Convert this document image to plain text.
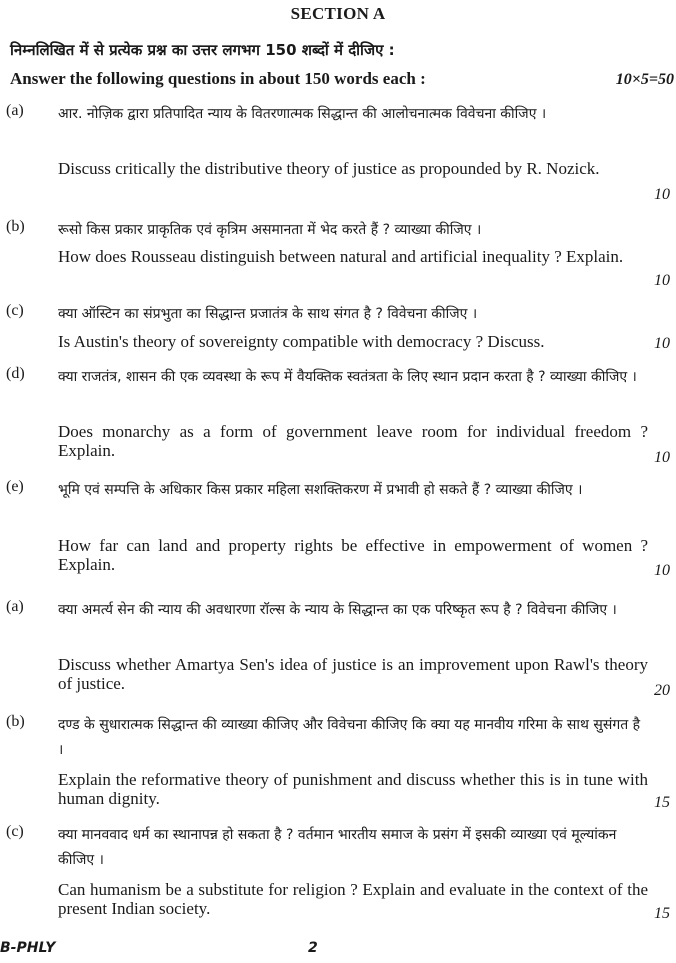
SECTION A
निम्नलिखित में से प्रत्येक प्रश्न का उत्तर लगभग 150 शब्दों में दीजिए :
Answer the following questions in about 150 words each :	10×5=50
(a) आर. नोज़िक द्वारा प्रतिपादित न्याय के वितरणात्मक सिद्धान्त की आलोचनात्मक विवेचना कीजिए ।
Discuss critically the distributive theory of justice as propounded by R. Nozick.
10
(b) रूसो किस प्रकार प्राकृतिक एवं कृत्रिम असमानता में भेद करते हैं ? व्याख्या कीजिए ।
How does Rousseau distinguish between natural and artificial inequality ? Explain.
10
(c) क्या ऑस्टिन का संप्रभुता का सिद्धान्त प्रजातंत्र के साथ संगत है ? विवेचना कीजिए ।
Is Austin's theory of sovereignty compatible with democracy ? Discuss.	10
(d) क्या राजतंत्र, शासन की एक व्यवस्था के रूप में वैयक्तिक स्वतंत्रता के लिए स्थान प्रदान करता है ? व्याख्या कीजिए ।
Does monarchy as a form of government leave room for individual freedom ? Explain.	10
(e) भूमि एवं सम्पत्ति के अधिकार किस प्रकार महिला सशक्तिकरण में प्रभावी हो सकते हैं ? व्याख्या कीजिए ।
How far can land and property rights be effective in empowerment of women ? Explain.	10
(a) क्या अमर्त्य सेन की न्याय की अवधारणा रॉल्स के न्याय के सिद्धान्त का एक परिष्कृत रूप है ? विवेचना कीजिए ।
Discuss whether Amartya Sen's idea of justice is an improvement upon Rawl's theory of justice.	20
(b) दण्ड के सुधारात्मक सिद्धान्त की व्याख्या कीजिए और विवेचना कीजिए कि क्या यह मानवीय गरिमा के साथ सुसंगत है ।
Explain the reformative theory of punishment and discuss whether this is in tune with human dignity.	15
(c) क्या मानववाद धर्म का स्थानापन्न हो सकता है ? वर्तमान भारतीय समाज के प्रसंग में इसकी व्याख्या एवं मूल्यांकन कीजिए ।
Can humanism be a substitute for religion ? Explain and evaluate in the context of the present Indian society.	15
B-PHLY	2
